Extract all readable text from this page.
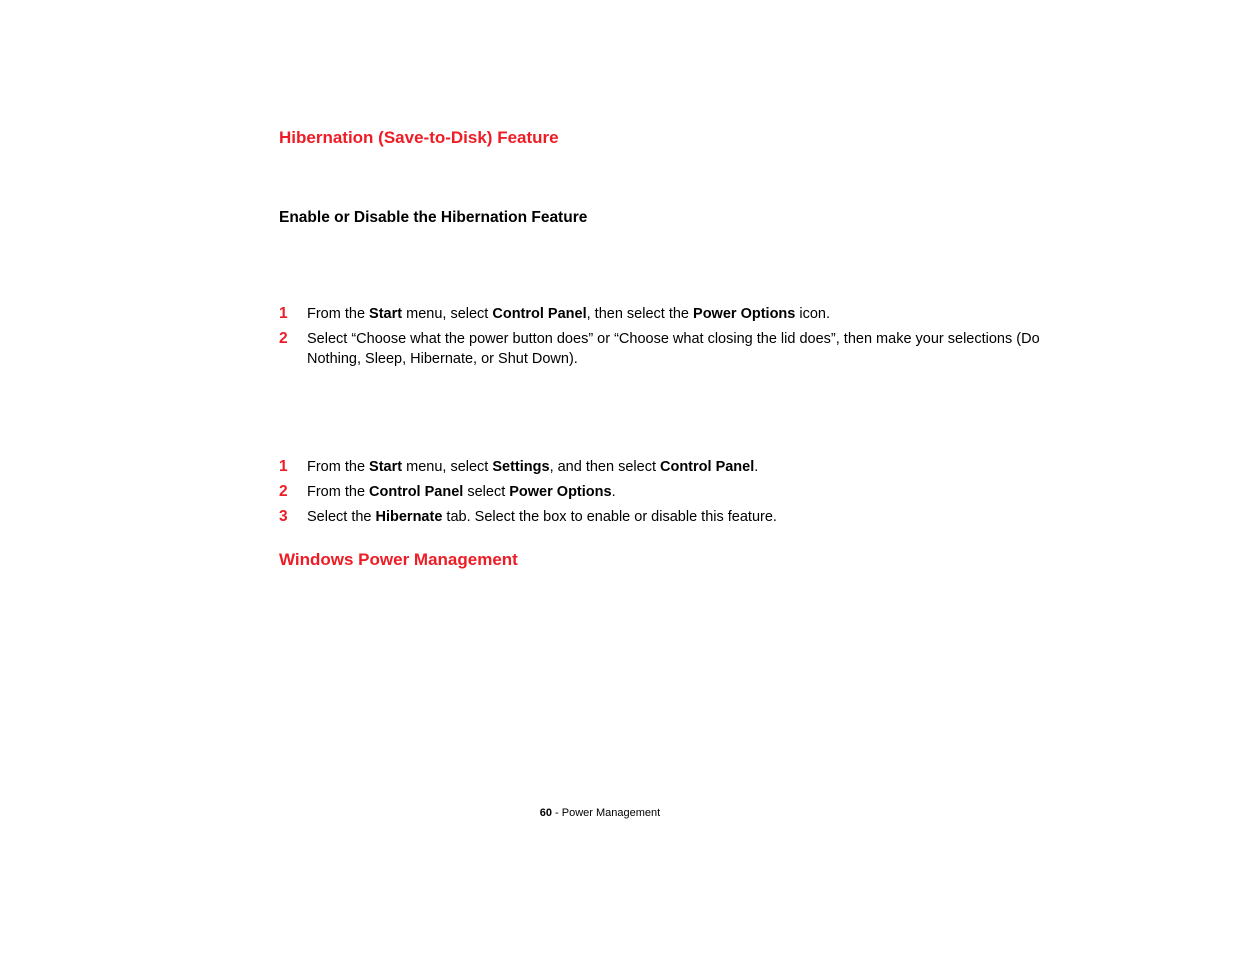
Hibernation (Save-to-Disk) Feature
Enable or Disable the Hibernation Feature
1 From the Start menu, select Control Panel, then select the Power Options icon.
2 Select “Choose what the power button does” or “Choose what closing the lid does”, then make your selections (Do Nothing, Sleep, Hibernate, or Shut Down).
1 From the Start menu, select Settings, and then select Control Panel.
2 From the Control Panel select Power Options.
3 Select the Hibernate tab. Select the box to enable or disable this feature.
Windows Power Management
60 - Power Management
